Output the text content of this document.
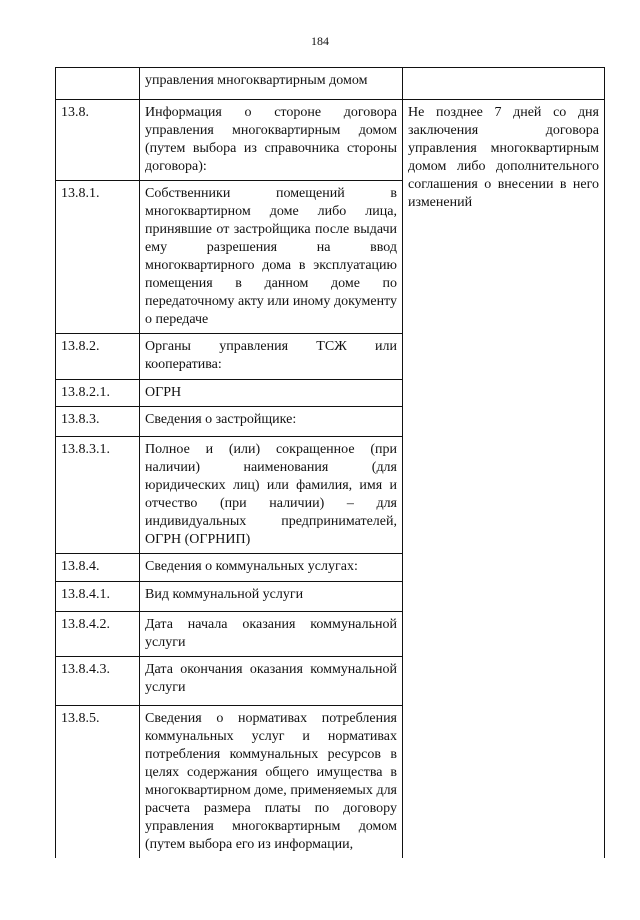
184
	управления многоквартирным домом	
13.8.	Информация о стороне договора управления многоквартирным домом (путем выбора из справочника стороны договора):	Не позднее 7 дней со дня заключения договора управления многоквартирным домом либо дополнительного соглашения о внесении в него изменений
13.8.1.	Собственники помещений в многоквартирном доме либо лица, принявшие от застройщика после выдачи ему разрешения на ввод многоквартирного дома в эксплуатацию помещения в данном доме по передаточному акту или иному документу о передаче	
13.8.2.	Органы управления ТСЖ или кооператива:	
13.8.2.1.	ОГРН	
13.8.3.	Сведения о застройщике:	
13.8.3.1.	Полное и (или) сокращенное (при наличии) наименования (для юридических лиц) или фамилия, имя и отчество (при наличии) – для индивидуальных предпринимателей, ОГРН (ОГРНИП)	
13.8.4.	Сведения о коммунальных услугах:	
13.8.4.1.	Вид коммунальной услуги	
13.8.4.2.	Дата начала оказания коммунальной услуги	
13.8.4.3.	Дата окончания оказания коммунальной услуги	
13.8.5.	Сведения о нормативах потребления коммунальных услуг и нормативах потребления коммунальных ресурсов в целях содержания общего имущества в многоквартирном доме, применяемых для расчета размера платы по договору управления многоквартирным домом (путем выбора его из информации,	
